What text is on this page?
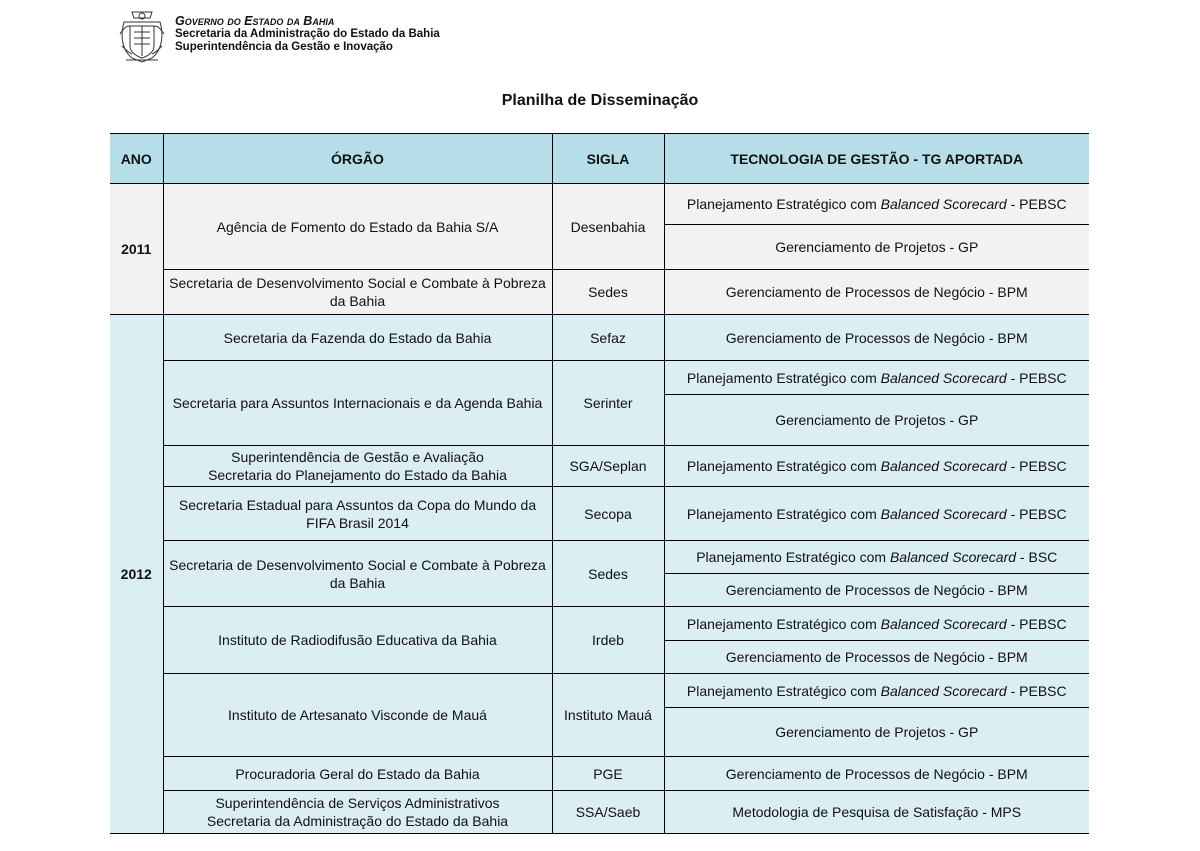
Governo do Estado da Bahia
Secretaria da Administração do Estado da Bahia
Superintendência da Gestão e Inovação
Planilha de Disseminação
ANO	ÓRGÃO	SIGLA	TECNOLOGIA DE GESTÃO - TG APORTADA
2011	Agência de Fomento do Estado da Bahia S/A	Desenbahia	Planejamento Estratégico com Balanced Scorecard - PEBSC
			Gerenciamento de Projetos - GP
	Secretaria de Desenvolvimento Social e Combate à Pobreza da Bahia	Sedes	Gerenciamento de Processos de Negócio - BPM
2012	Secretaria da Fazenda do Estado da Bahia	Sefaz	Gerenciamento de Processos de Negócio - BPM
	Secretaria para Assuntos Internacionais e da Agenda Bahia	Serinter	Planejamento Estratégico com Balanced Scorecard - PEBSC
			Gerenciamento de Projetos - GP

	Superintendência de Gestão e Avaliação
Secretaria do Planejamento do Estado da Bahia	SGA/Seplan	Planejamento Estratégico com Balanced Scorecard - PEBSC
	Secretaria Estadual para Assuntos da Copa do Mundo da FIFA Brasil 2014	Secopa	Planejamento Estratégico com Balanced Scorecard - PEBSC
	Secretaria de Desenvolvimento Social e Combate à Pobreza da Bahia	Sedes	Planejamento Estratégico com Balanced Scorecard - BSC
			Gerenciamento de Processos de Negócio - BPM
	Instituto de Radiodifusão Educativa da Bahia	Irdeb	Planejamento Estratégico com Balanced Scorecard - PEBSC
			Gerenciamento de Processos de Negócio - BPM
	Instituto de Artesanato Visconde de Mauá	Instituto Mauá	Planejamento Estratégico com Balanced Scorecard - PEBSC
			Gerenciamento de Projetos - GP
	Procuradoria Geral do Estado da Bahia	PGE	Gerenciamento de Processos de Negócio - BPM

	Superintendência de Serviços Administrativos
Secretaria da Administração do Estado da Bahia	SSA/Saeb	Metodologia de Pesquisa de Satisfação - MPS
